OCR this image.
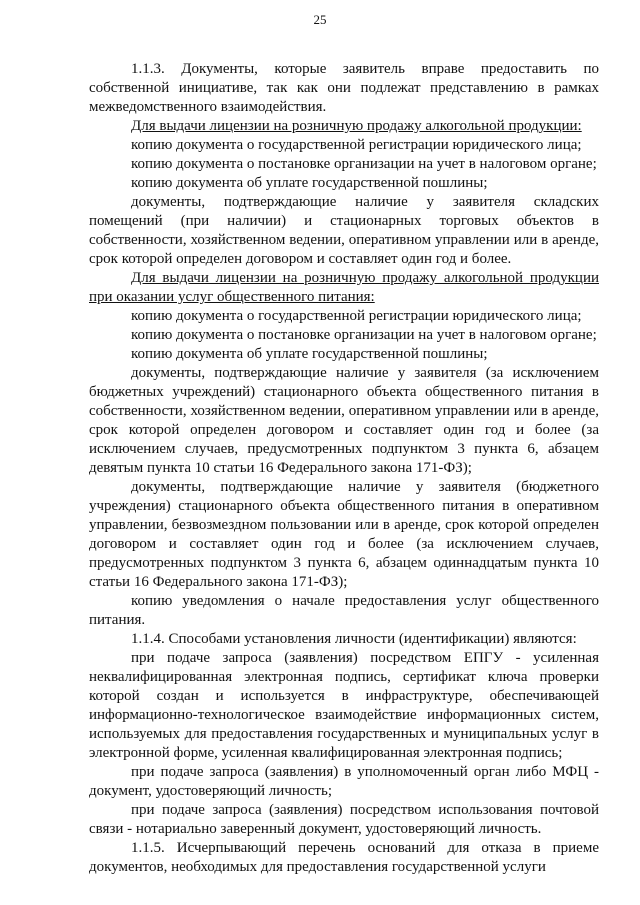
25

1.1.3. Документы, которые заявитель вправе предоставить по собственной инициативе, так как они подлежат представлению в рамках межведомственного взаимодействия.

Для выдачи лицензии на розничную продажу алкогольной продукции:

копию документа о государственной регистрации юридического лица;

копию документа о постановке организации на учет в налоговом органе;

копию документа об уплате государственной пошлины;

документы, подтверждающие наличие у заявителя складских помещений (при наличии) и стационарных торговых объектов в собственности, хозяйственном ведении, оперативном управлении или в аренде, срок которой определен договором и составляет один год и более.

Для выдачи лицензии на розничную продажу алкогольной продукции при оказании услуг общественного питания:

копию документа о государственной регистрации юридического лица;

копию документа о постановке организации на учет в налоговом органе;

копию документа об уплате государственной пошлины;

документы, подтверждающие наличие у заявителя (за исключением бюджетных учреждений) стационарного объекта общественного питания в собственности, хозяйственном ведении, оперативном управлении или в аренде, срок которой определен договором и составляет один год и более (за исключением случаев, предусмотренных подпунктом 3 пункта 6, абзацем девятым пункта 10 статьи 16 Федерального закона 171-ФЗ);

документы, подтверждающие наличие у заявителя (бюджетного учреждения) стационарного объекта общественного питания в оперативном управлении, безвозмездном пользовании или в аренде, срок которой определен договором и составляет один год и более (за исключением случаев, предусмотренных подпунктом 3 пункта 6, абзацем одиннадцатым пункта 10 статьи 16 Федерального закона 171-ФЗ);

копию уведомления о начале предоставления услуг общественного питания.

1.1.4. Способами установления личности (идентификации) являются:

при подаче запроса (заявления) посредством ЕПГУ - усиленная неквалифицированная электронная подпись, сертификат ключа проверки которой создан и используется в инфраструктуре, обеспечивающей информационно-технологическое взаимодействие информационных систем, используемых для предоставления государственных и муниципальных услуг в электронной форме, усиленная квалифицированная электронная подпись;

при подаче запроса (заявления) в уполномоченный орган либо МФЦ - документ, удостоверяющий личность;

при подаче запроса (заявления) посредством использования почтовой связи - нотариально заверенный документ, удостоверяющий личность.

1.1.5. Исчерпывающий перечень оснований для отказа в приеме документов, необходимых для предоставления государственной услуги
